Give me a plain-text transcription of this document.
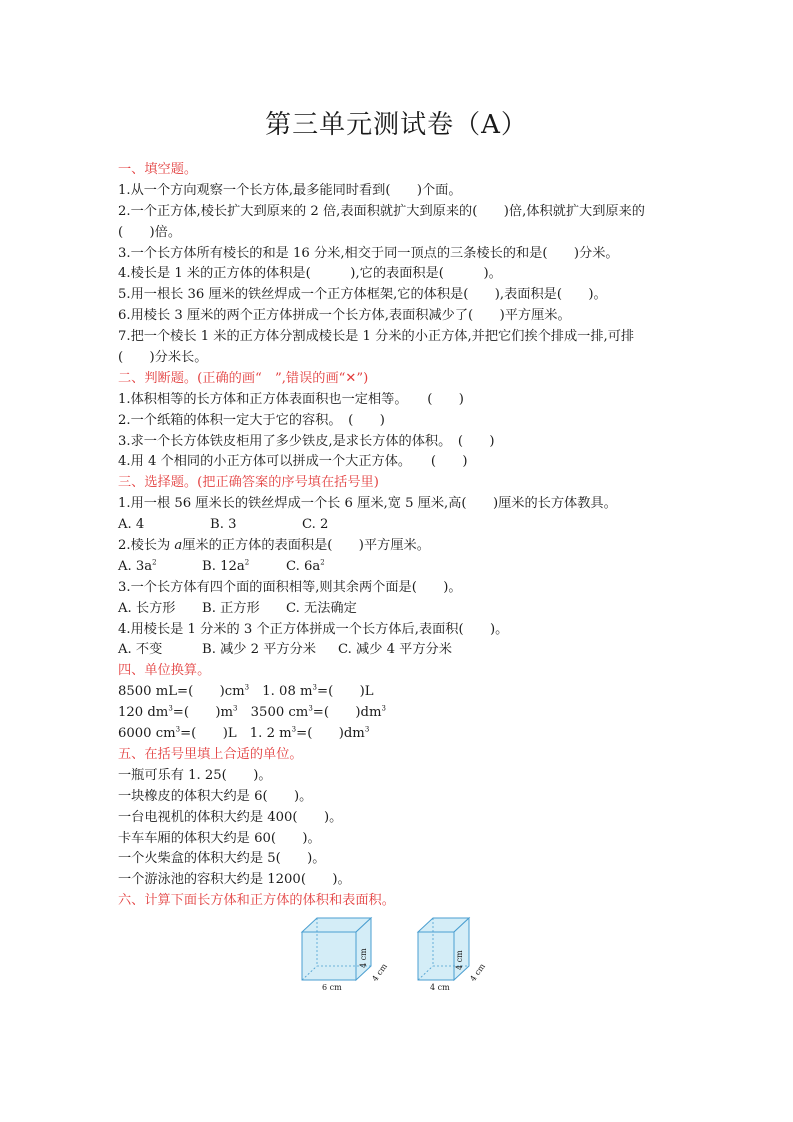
第三单元测试卷（A）
一、填空题。
1.从一个方向观察一个长方体,最多能同时看到(　　)个面。
2.一个正方体,棱长扩大到原来的 2 倍,表面积就扩大到原来的(　　)倍,体积就扩大到原来的
(　　)倍。
3.一个长方体所有棱长的和是 16 分米,相交于同一顶点的三条棱长的和是(　　)分米。
4.棱长是 1 米的正方体的体积是(　　　),它的表面积是(　　　)。
5.用一根长 36 厘米的铁丝焊成一个正方体框架,它的体积是(　　),表面积是(　　)。
6.用棱长 3 厘米的两个正方体拼成一个长方体,表面积减少了(　　)平方厘米。
7.把一个棱长 1 米的正方体分割成棱长是 1 分米的小正方体,并把它们挨个排成一排,可排
(　　)分米长。
二、判断题。(正确的画“　”,错误的画“✕”)
1.体积相等的长方体和正方体表面积也一定相等。　　(　　)
2.一个纸箱的体积一定大于它的容积。　(　　)
3.求一个长方体铁皮柜用了多少铁皮,是求长方体的体积。　(　　)
4.用 4 个相同的小正方体可以拼成一个大正方体。　　(　　)
三、选择题。(把正确答案的序号填在括号里)
1.用一根 56 厘米长的铁丝焊成一个长 6 厘米,宽 5 厘米,高(　　)厘米的长方体教具。
A. 4	B. 3	C. 2
2.棱长为 a厘米的正方体的表面积是(　　)平方厘米。
A. $3a^2$	B. $12a^2$	C. $6a^2$
3.一个长方体有四个面的面积相等,则其余两个面是(　　)。
A. 长方形	B. 正方形	C. 无法确定
4.用棱长是 1 分米的 3 个正方体拼成一个长方体后,表面积(　　)。
A. 不变	B. 减少 2 平方分米	C. 减少 4 平方分米
四、单位换算。
8500 mL=(　　)$cm^3$　 1. 08 $m^3=$(　　)L
120 $dm^3=$(　　)$m^3$　 3500 $cm^3=$(　　)$dm^3$
6000 $cm^3=$(　　)L　 1. 2 $m^3=$(　　)$dm^3$
五、在括号里填上合适的单位。
一瓶可乐有 1. 25(　　)。
一块橡皮的体积大约是 6(　　)。
一台电视机的体积大约是 400(　　)。
卡车车厢的体积大约是 60(　　)。
一个火柴盒的体积大约是 5(　　)。
一个游泳池的容积大约是 1200(　　)。
六、计算下面长方体和正方体的体积和表面积。
6 cm
4 cm
4 cm
4 cm
4 cm
4 cm
